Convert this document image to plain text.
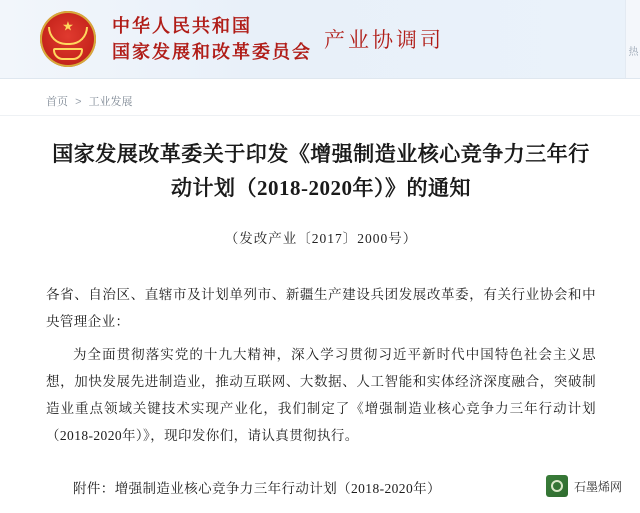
★ 中华人民共和国
国家发展和改革委员会 产业协调司	热
首页 > 工业发展
国家发展改革委关于印发《增强制造业核心竞争力三年行动计划（2018-2020年）》的通知
（发改产业〔2017〕2000号）

各省、自治区、直辖市及计划单列市、新疆生产建设兵团发展改革委，有关行业协会和中央管理企业：

为全面贯彻落实党的十九大精神，深入学习贯彻习近平新时代中国特色社会主义思想，加快发展先进制造业，推动互联网、大数据、人工智能和实体经济深度融合，突破制造业重点领域关键技术实现产业化，我们制定了《增强制造业核心竞争力三年行动计划（2018-2020年）》，现印发你们，请认真贯彻执行。

附件：增强制造业核心竞争力三年行动计划（2018-2020年）	石墨烯网
